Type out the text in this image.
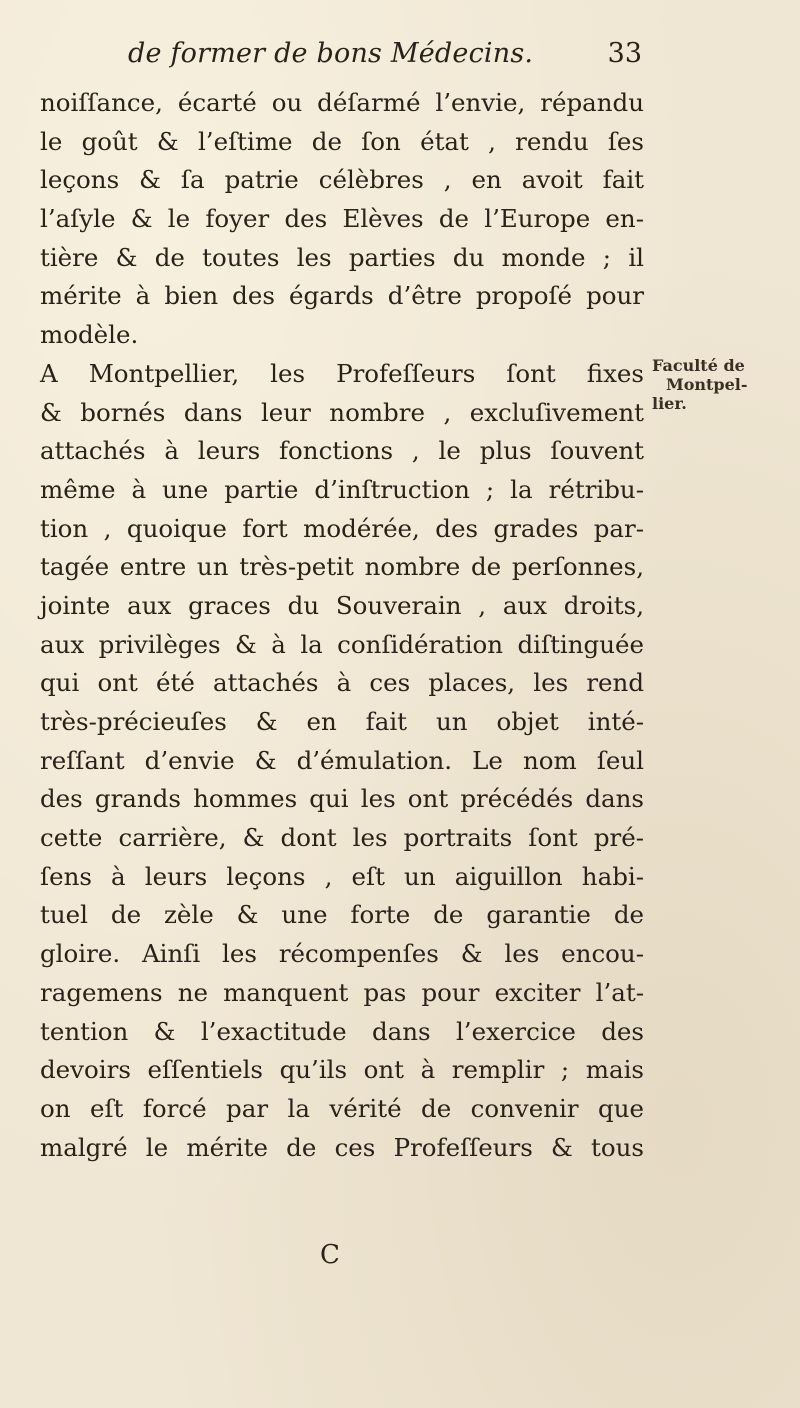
de former de bons Médecins.	33
noiſſance, écarté ou déſarmé l’envie, répandu
le goût & l’eſtime de ſon état , rendu ſes
leçons & ſa patrie célèbres , en avoit fait
l’aſyle & le foyer des Elèves de l’Europe en-
tière & de toutes les parties du monde ; il
mérite à bien des égards d’être propoſé pour
modèle.
A Montpellier, les Profeſſeurs ſont fixes
& bornés dans leur nombre , excluſivement
attachés à leurs fonctions , le plus ſouvent
même à une partie d’inſtruction ; la rétribu-
tion , quoique fort modérée, des grades par-
tagée entre un très-petit nombre de perſonnes,
jointe aux graces du Souverain , aux droits,
aux privilèges & à la conſidération diſtinguée
qui ont été attachés à ces places, les rend
très-précieuſes & en fait un objet inté-
reſſant d’envie & d’émulation. Le nom ſeul
des grands hommes qui les ont précédés dans
cette carrière, & dont les portraits ſont pré-
ſens à leurs leçons , eſt un aiguillon habi-
tuel de zèle & une forte de garantie de
gloire. Ainſi les récompenſes & les encou-
ragemens ne manquent pas pour exciter l’at-
tention & l’exactitude dans l’exercice des
devoirs eſſentiels qu’ils ont à remplir ; mais
on eſt forcé par la vérité de convenir que
malgré le mérite de ces Profeſſeurs & tous
Faculté de
Montpel-
lier.
C
